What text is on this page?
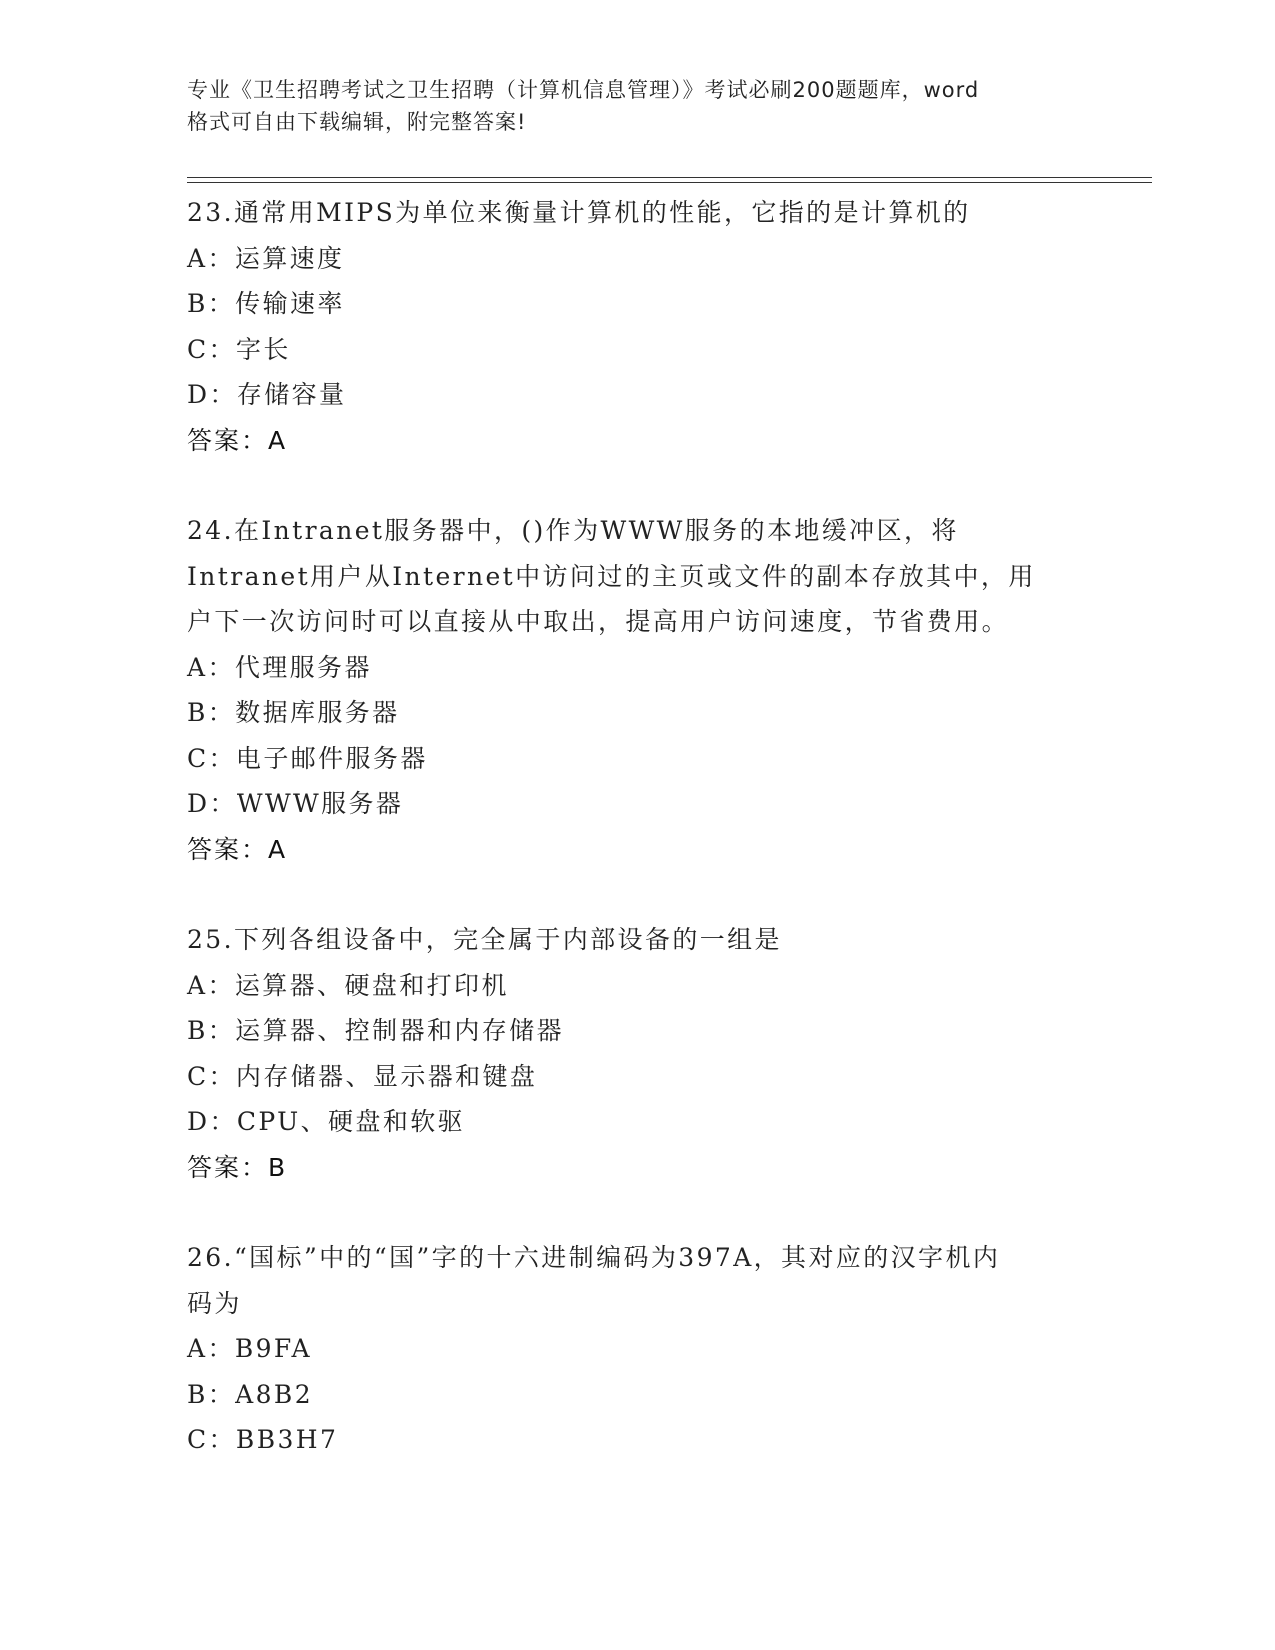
专业《卫生招聘考试之卫生招聘（计算机信息管理）》考试必刷200题题库，word
格式可自由下载编辑，附完整答案!
23.通常用MIPS为单位来衡量计算机的性能，它指的是计算机的
A：运算速度
B：传输速率
C：字长
D：存储容量
答案：A
24.在Intranet服务器中，()作为WWW服务的本地缓冲区，将
Intranet用户从Internet中访问过的主页或文件的副本存放其中，用
户下一次访问时可以直接从中取出，提高用户访问速度，节省费用。
A：代理服务器
B：数据库服务器
C：电子邮件服务器
D：WWW服务器
答案：A
25.下列各组设备中，完全属于内部设备的一组是
A：运算器、硬盘和打印机
B：运算器、控制器和内存储器
C：内存储器、显示器和键盘
D：CPU、硬盘和软驱
答案：B
26.“国标”中的“国”字的十六进制编码为397A，其对应的汉字机内
码为
A：B9FA
B：A8B2
C：BB3H7
